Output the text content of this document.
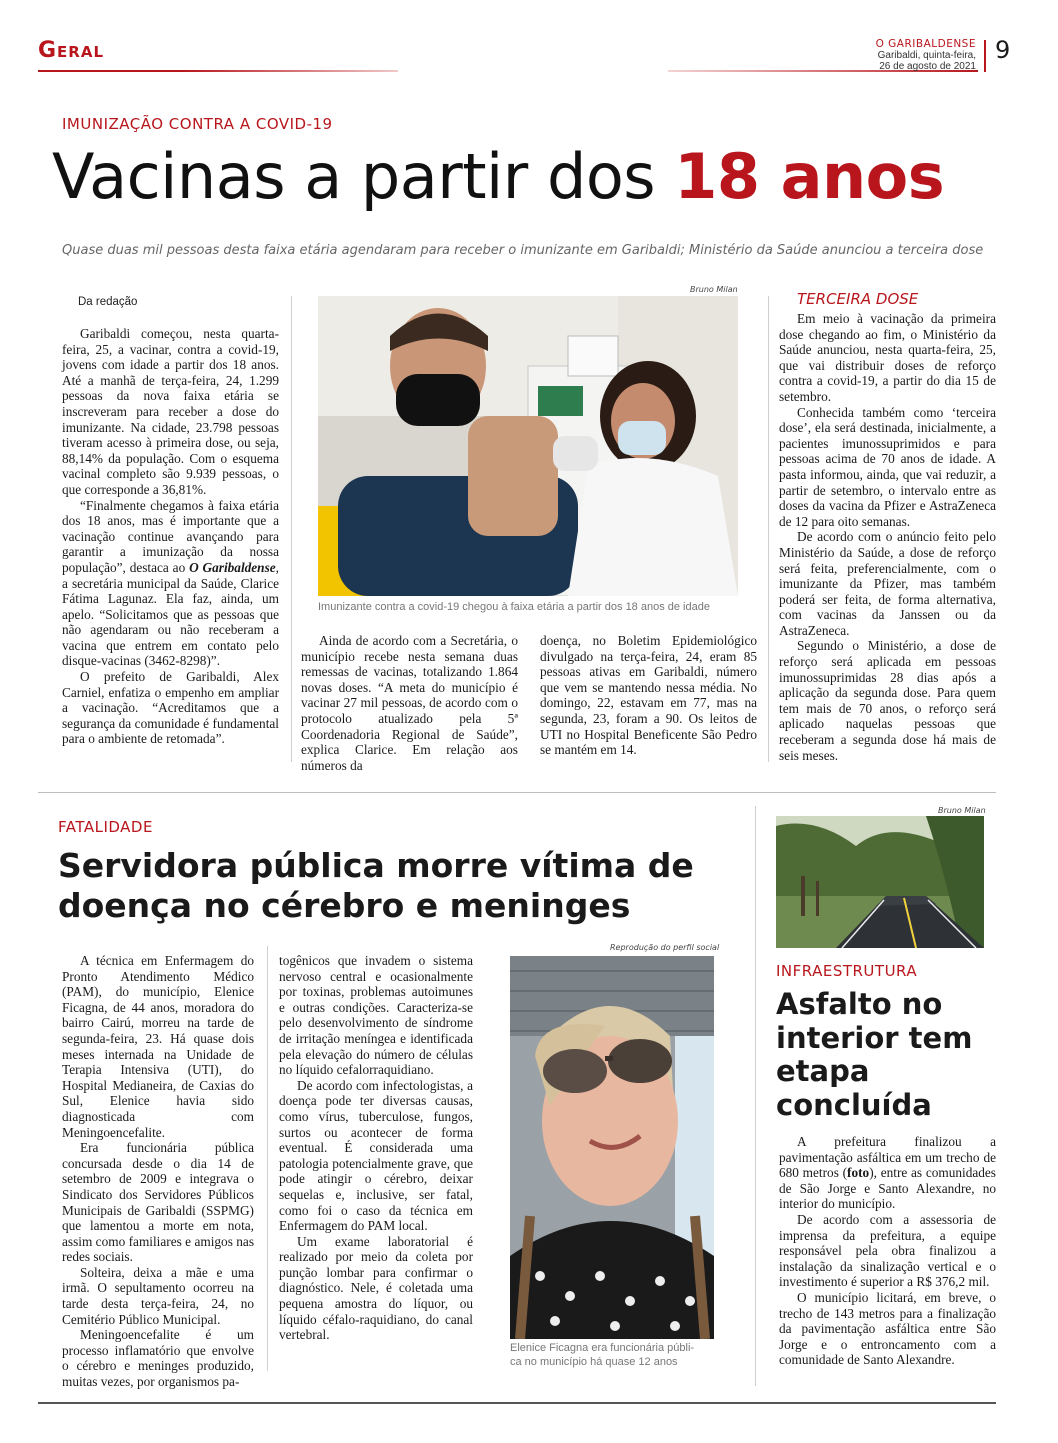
Geral	O GARIBALDENSE
Garibaldi, quinta-feira,
26 de agosto de 2021
9
IMUNIZAÇÃO CONTRA A COVID-19
Vacinas a partir dos 18 anos
Quase duas mil pessoas desta faixa etária agendaram para receber o imunizante em Garibaldi; Ministério da Saúde anunciou a terceira dose
Da redação

Garibaldi começou, nesta quarta-feira, 25, a vacinar, contra a covid-19, jovens com idade a partir dos 18 anos. Até a manhã de terça-feira, 24, 1.299 pessoas da nova faixa etária se inscreveram para receber a dose do imunizante. Na cidade, 23.798 pessoas tiveram acesso à primeira dose, ou seja, 88,14% da população. Com o esquema vacinal completo são 9.939 pessoas, o que corresponde a 36,81%.

“Finalmente chegamos à faixa etária dos 18 anos, mas é importante que a vacinação continue avançando para garantir a imunização da nossa população”, destaca ao O Garibaldense, a secretária municipal da Saúde, Clarice Fátima Lagunaz. Ela faz, ainda, um apelo. “Solicitamos que as pessoas que não agendaram ou não receberam a vacina que entrem em contato pelo disque-vacinas (3462-8298)”.

O prefeito de Garibaldi, Alex Carniel, enfatiza o empenho em ampliar a vacinação. “Acreditamos que a segurança da comunidade é fundamental para o ambiente de retomada”.

Bruno Milan
Imunizante contra a covid-19 chegou à faixa etária a partir dos 18 anos de idade

Ainda de acordo com a Secretária, o município recebe nesta semana duas remessas de vacinas, totalizando 1.864 novas doses. “A meta do município é vacinar 27 mil pessoas, de acordo com o protocolo atualizado pela 5ª Coordenadoria Regional de Saúde”, explica Clarice. Em relação aos números da

doença, no Boletim Epidemiológico divulgado na terça-feira, 24, eram 85 pessoas ativas em Garibaldi, número que vem se mantendo nessa média. No domingo, 22, estavam em 77, mas na segunda, 23, foram a 90. Os leitos de UTI no Hospital Beneficente São Pedro se mantém em 14.

TERCEIRA DOSE

Em meio à vacinação da primeira dose chegando ao fim, o Ministério da Saúde anunciou, nesta quarta-feira, 25, que vai distribuir doses de reforço contra a covid-19, a partir do dia 15 de setembro.

Conhecida também como ‘terceira dose’, ela será destinada, inicialmente, a pacientes imunossuprimidos e para pessoas acima de 70 anos de idade. A pasta informou, ainda, que vai reduzir, a partir de setembro, o intervalo entre as doses da vacina da Pfizer e AstraZeneca de 12 para oito semanas.

De acordo com o anúncio feito pelo Ministério da Saúde, a dose de reforço será feita, preferencialmente, com o imunizante da Pfizer, mas também poderá ser feita, de forma alternativa, com vacinas da Janssen ou da AstraZeneca.

Segundo o Ministério, a dose de reforço será aplicada em pessoas imunossuprimidas 28 dias após a aplicação da segunda dose. Para quem tem mais de 70 anos, o reforço será aplicado naquelas pessoas que receberam a segunda dose há mais de seis meses.

FATALIDADE
Servidora pública morre vítima de
doença no cérebro e meninges

A técnica em Enfermagem do Pronto Atendimento Médico (PAM), do município, Elenice Ficagna, de 44 anos, moradora do bairro Cairú, morreu na tarde de segunda-feira, 23. Há quase dois meses internada na Unidade de Terapia Intensiva (UTI), do Hospital Medianeira, de Caxias do Sul, Elenice havia sido diagnosticada com Meningoencefalite.

Era funcionária pública concursada desde o dia 14 de setembro de 2009 e integrava o Sindicato dos Servidores Públicos Municipais de Garibaldi (SSPMG) que lamentou a morte em nota, assim como familiares e amigos nas redes sociais.

Solteira, deixa a mãe e uma irmã. O sepultamento ocorreu na tarde desta terça-feira, 24, no Cemitério Público Municipal.

Meningoencefalite é um processo inflamatório que envolve o cérebro e meninges produzido, muitas vezes, por organismos pa-

togênicos que invadem o sistema nervoso central e ocasionalmente por toxinas, problemas autoimunes e outras condições. Caracteriza-se pelo desenvolvimento de síndrome de irritação meníngea e identificada pela elevação do número de células no líquido cefalorraquidiano.

De acordo com infectologistas, a doença pode ter diversas causas, como vírus, tuberculose, fungos, surtos ou acontecer de forma eventual. É considerada uma patologia potencialmente grave, que pode atingir o cérebro, deixar sequelas e, inclusive, ser fatal, como foi o caso da técnica em Enfermagem do PAM local.

Um exame laboratorial é realizado por meio da coleta por punção lombar para confirmar o diagnóstico. Nele, é coletada uma pequena amostra do líquor, ou líquido céfalo-raquidiano, do canal vertebral.

Reprodução do perfil social
Elenice Ficagna era funcionária públi-
ca no município há quase 12 anos
Bruno Milan
INFRAESTRUTURA
Asfalto no interior tem etapa concluída

A prefeitura finalizou a pavimentação asfáltica em um trecho de 680 metros (foto), entre as comunidades de São Jorge e Santo Alexandre, no interior do município.

De acordo com a assessoria de imprensa da prefeitura, a equipe responsável pela obra finalizou a instalação da sinalização vertical e o investimento é superior a R$ 376,2 mil.

O município licitará, em breve, o trecho de 143 metros para a finalização da pavimentação asfáltica entre São Jorge e o entroncamento com a comunidade de Santo Alexandre.
